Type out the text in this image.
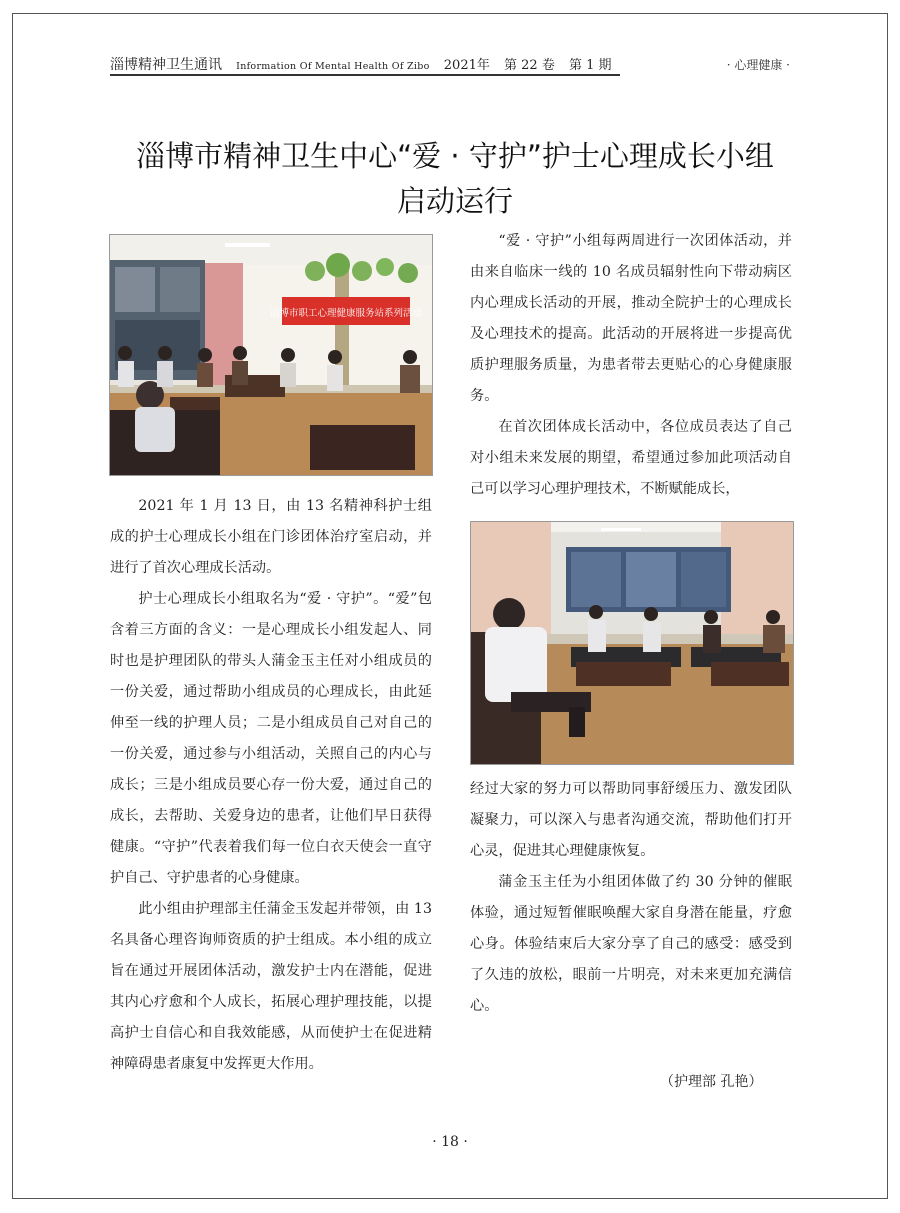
淄博精神卫生通讯 Information Of Mental Health Of Zibo 2021年 第 22 卷 第 1 期	· 心理健康 ·
淄博市精神卫生中心“爱 · 守护”护士心理成长小组
启动运行
淄博市职工心理健康服务站系列活动

2021 年 1 月 13 日，由 13 名精神科护士组成的护士心理成长小组在门诊团体治疗室启动，并进行了首次心理成长活动。

护士心理成长小组取名为“爱 · 守护”。“爱”包含着三方面的含义：一是心理成长小组发起人、同时也是护理团队的带头人蒲金玉主任对小组成员的一份关爱，通过帮助小组成员的心理成长，由此延伸至一线的护理人员；二是小组成员自己对自己的一份关爱，通过参与小组活动，关照自己的内心与成长；三是小组成员要心存一份大爱，通过自己的成长，去帮助、关爱身边的患者，让他们早日获得健康。“守护”代表着我们每一位白衣天使会一直守护自己、守护患者的心身健康。

此小组由护理部主任蒲金玉发起并带领，由 13 名具备心理咨询师资质的护士组成。本小组的成立旨在通过开展团体活动，激发护士内在潜能，促进其内心疗愈和个人成长，拓展心理护理技能，以提高护士自信心和自我效能感，从而使护士在促进精神障碍患者康复中发挥更大作用。

“爱 · 守护”小组每两周进行一次团体活动，并由来自临床一线的 10 名成员辐射性向下带动病区内心理成长活动的开展，推动全院护士的心理成长及心理技术的提高。此活动的开展将进一步提高优质护理服务质量，为患者带去更贴心的心身健康服务。

在首次团体成长活动中，各位成员表达了自己对小组未来发展的期望，希望通过参加此项活动自己可以学习心理护理技术，不断赋能成长，

经过大家的努力可以帮助同事舒缓压力、激发团队凝聚力，可以深入与患者沟通交流，帮助他们打开心灵，促进其心理健康恢复。

蒲金玉主任为小组团体做了约 30 分钟的催眠体验，通过短暂催眠唤醒大家自身潜在能量，疗愈心身。体验结束后大家分享了自己的感受：感受到了久违的放松，眼前一片明亮，对未来更加充满信心。

（护理部 孔艳）
· 18 ·
